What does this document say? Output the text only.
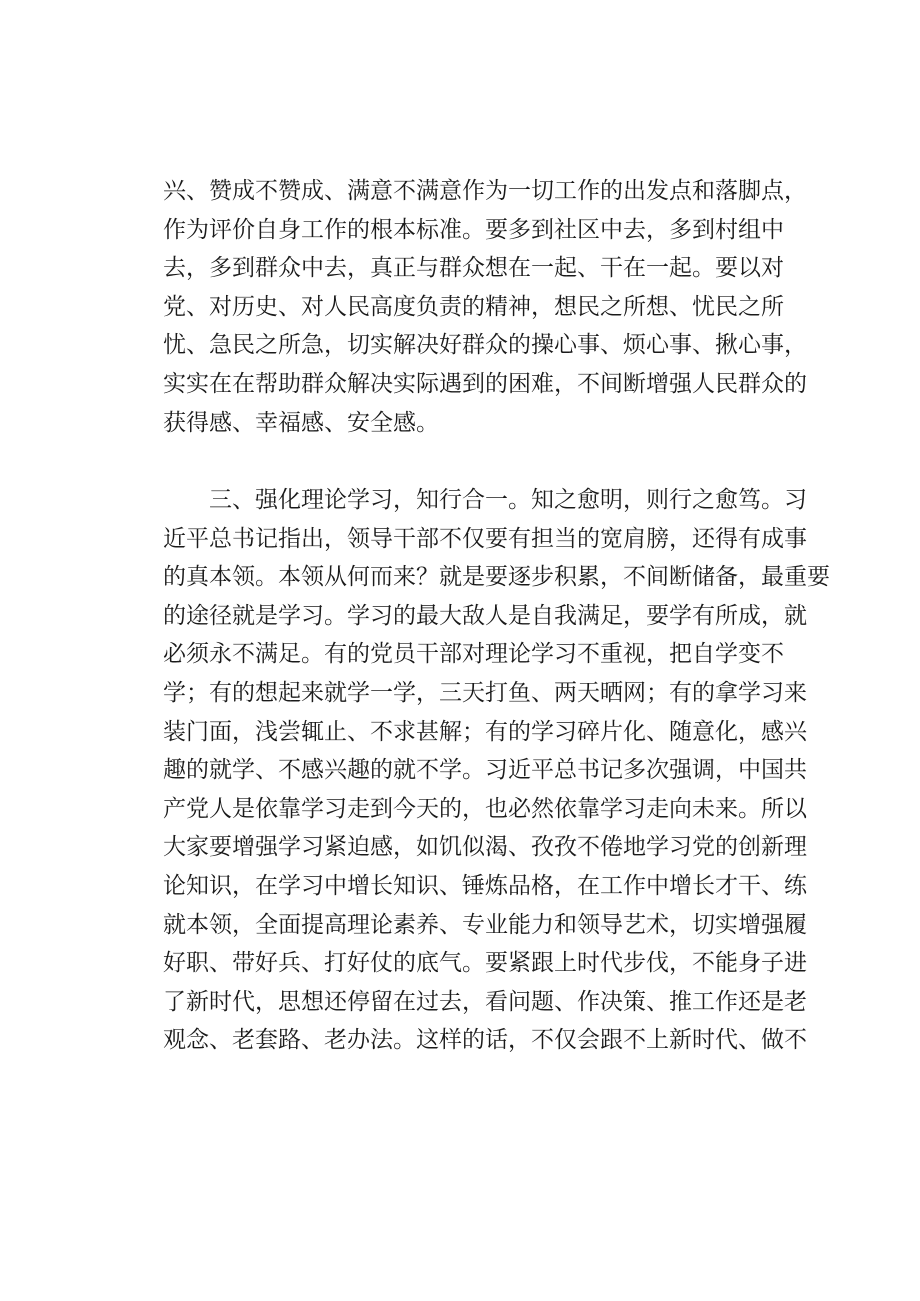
兴、赞成不赞成、满意不满意作为一切工作的出发点和落脚点，
作为评价自身工作的根本标准。要多到社区中去，多到村组中
去，多到群众中去，真正与群众想在一起、干在一起。要以对
党、对历史、对人民高度负责的精神，想民之所想、忧民之所
忧、急民之所急，切实解决好群众的操心事、烦心事、揪心事，
实实在在帮助群众解决实际遇到的困难，不间断增强人民群众的
获得感、幸福感、安全感。
　　三、强化理论学习，知行合一。知之愈明，则行之愈笃。习
近平总书记指出，领导干部不仅要有担当的宽肩膀，还得有成事
的真本领。本领从何而来？就是要逐步积累，不间断储备，最重要
的途径就是学习。学习的最大敌人是自我满足，要学有所成，就
必须永不满足。有的党员干部对理论学习不重视，把自学变不
学；有的想起来就学一学，三天打鱼、两天晒网；有的拿学习来
装门面，浅尝辄止、不求甚解；有的学习碎片化、随意化，感兴
趣的就学、不感兴趣的就不学。习近平总书记多次强调，中国共
产党人是依靠学习走到今天的，也必然依靠学习走向未来。所以
大家要增强学习紧迫感，如饥似渴、孜孜不倦地学习党的创新理
论知识，在学习中增长知识、锤炼品格，在工作中增长才干、练
就本领，全面提高理论素养、专业能力和领导艺术，切实增强履
好职、带好兵、打好仗的底气。要紧跟上时代步伐，不能身子进
了新时代，思想还停留在过去，看问题、作决策、推工作还是老
观念、老套路、老办法。这样的话，不仅会跟不上新时代、做不
